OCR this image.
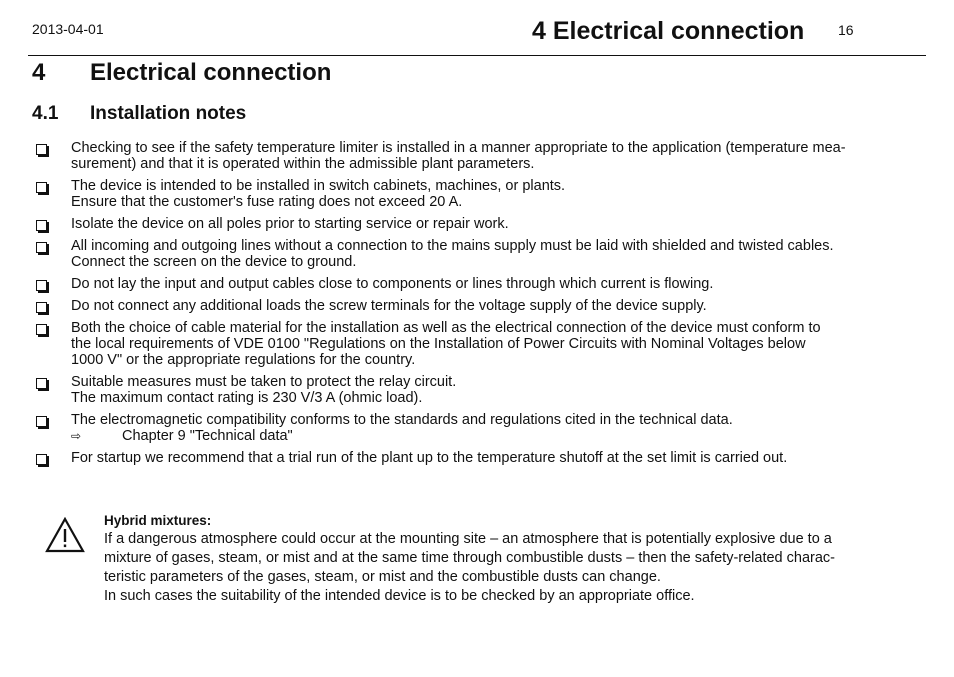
2013-04-01	4 Electrical connection 16
4 Electrical connection
4.1 Installation notes
Checking to see if the safety temperature limiter is installed in a manner appropriate to the application (temperature mea-
surement) and that it is operated within the admissible plant parameters.
The device is intended to be installed in switch cabinets, machines, or plants.
Ensure that the customer's fuse rating does not exceed 20 A.
Isolate the device on all poles prior to starting service or repair work.
All incoming and outgoing lines without a connection to the mains supply must be laid with shielded and twisted cables.
Connect the screen on the device to ground.
Do not lay the input and output cables close to components or lines through which current is flowing.
Do not connect any additional loads the screw terminals for the voltage supply of the device supply.
Both the choice of cable material for the installation as well as the electrical connection of the device must conform to
the local requirements of VDE 0100 "Regulations on the Installation of Power Circuits with Nominal Voltages below
1000 V" or the appropriate regulations for the country.
Suitable measures must be taken to protect the relay circuit.
The maximum contact rating is 230 V/3 A (ohmic load).
The electromagnetic compatibility conforms to the standards and regulations cited in the technical data.
⇨	Chapter 9 "Technical data"
For startup we recommend that a trial run of the plant up to the temperature shutoff at the set limit is carried out.
Hybrid mixtures:
If a dangerous atmosphere could occur at the mounting site – an atmosphere that is potentially explosive due to a
mixture of gases, steam, or mist and at the same time through combustible dusts – then the safety-related charac-
teristic parameters of the gases, steam, or mist and the combustible dusts can change.
In such cases the suitability of the intended device is to be checked by an appropriate office.
